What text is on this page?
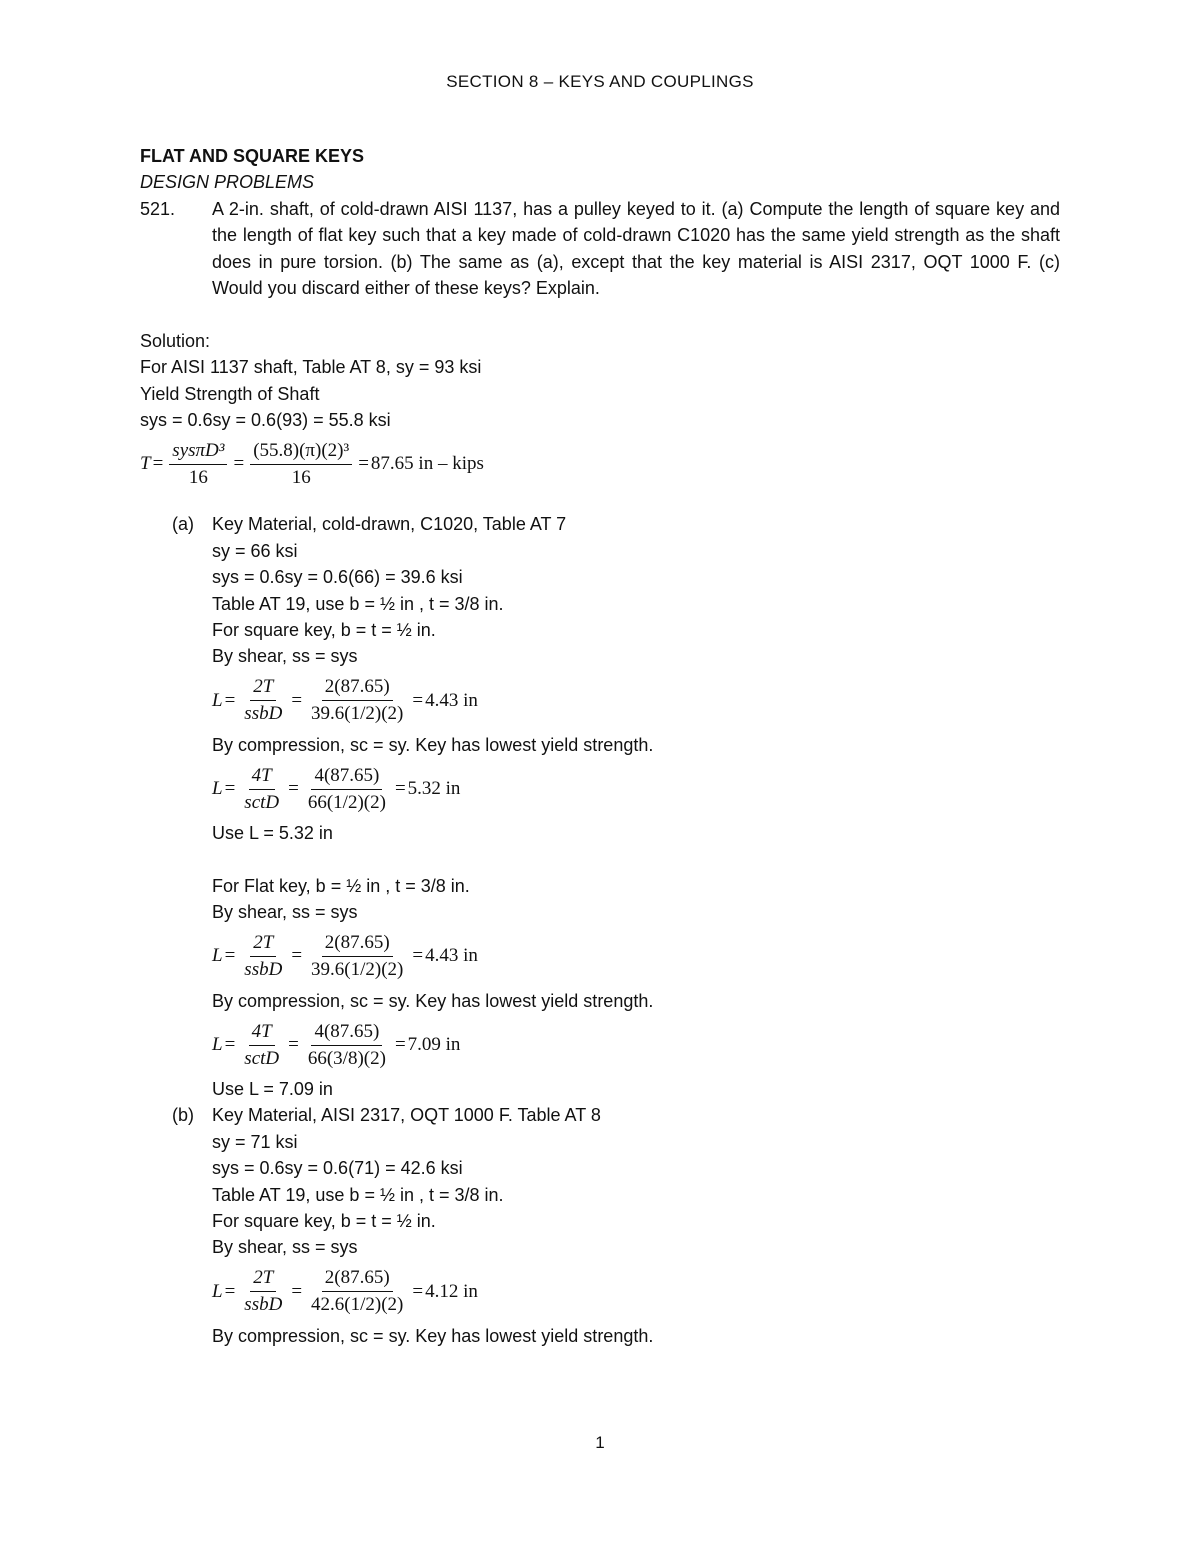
SECTION 8 – KEYS AND COUPLINGS
FLAT AND SQUARE KEYS
DESIGN PROBLEMS
521.	A 2-in. shaft, of cold-drawn AISI 1137, has a pulley keyed to it. (a) Compute the length of square key and the length of flat key such that a key made of cold-drawn C1020 has the same yield strength as the shaft does in pure torsion. (b) The same as (a), except that the key material is AISI 2317, OQT 1000 F. (c) Would you discard either of these keys? Explain.
Solution:
For AISI 1137 shaft, Table AT 8, sy = 93 ksi
Yield Strength of Shaft
sys = 0.6sy = 0.6(93) = 55.8 ksi
$T = \frac{\text{sysπD³}}{16} = \frac{\text{(55.8)(π)(2)³}}{16} = 87.65$ in – kips
(a) Key Material, cold-drawn, C1020, Table AT 7
sy = 66 ksi
sys = 0.6sy = 0.6(66) = 39.6 ksi
Table AT 19, use b = ½ in , t = 3/8 in.
For square key, b = t = ½ in.
By shear, ss = sys
$L = \frac{2T}{\text{ssbD}} = \frac{2(87.65)}{39.6(1/2)(2)} = 4.43$ in
By compression, sc = sy. Key has lowest yield strength.
$L = \frac{4T}{\text{sctD}} = \frac{4(87.65)}{66(1/2)(2)} = 5.32$ in
Use L = 5.32 in
For Flat key, b = ½ in , t = 3/8 in.
By shear, ss = sys
$L = \frac{2T}{\text{ssbD}} = \frac{2(87.65)}{39.6(1/2)(2)} = 4.43$ in
By compression, sc = sy. Key has lowest yield strength.
$L = \frac{4T}{\text{sctD}} = \frac{4(87.65)}{66(3/8)(2)} = 7.09$ in
Use L = 7.09 in
(b) Key Material, AISI 2317, OQT 1000 F. Table AT 8
sy = 71 ksi
sys = 0.6sy = 0.6(71) = 42.6 ksi
Table AT 19, use b = ½ in , t = 3/8 in.
For square key, b = t = ½ in.
By shear, ss = sys
$L = \frac{2T}{\text{ssbD}} = \frac{2(87.65)}{42.6(1/2)(2)} = 4.12$ in
By compression, sc = sy. Key has lowest yield strength.
1
